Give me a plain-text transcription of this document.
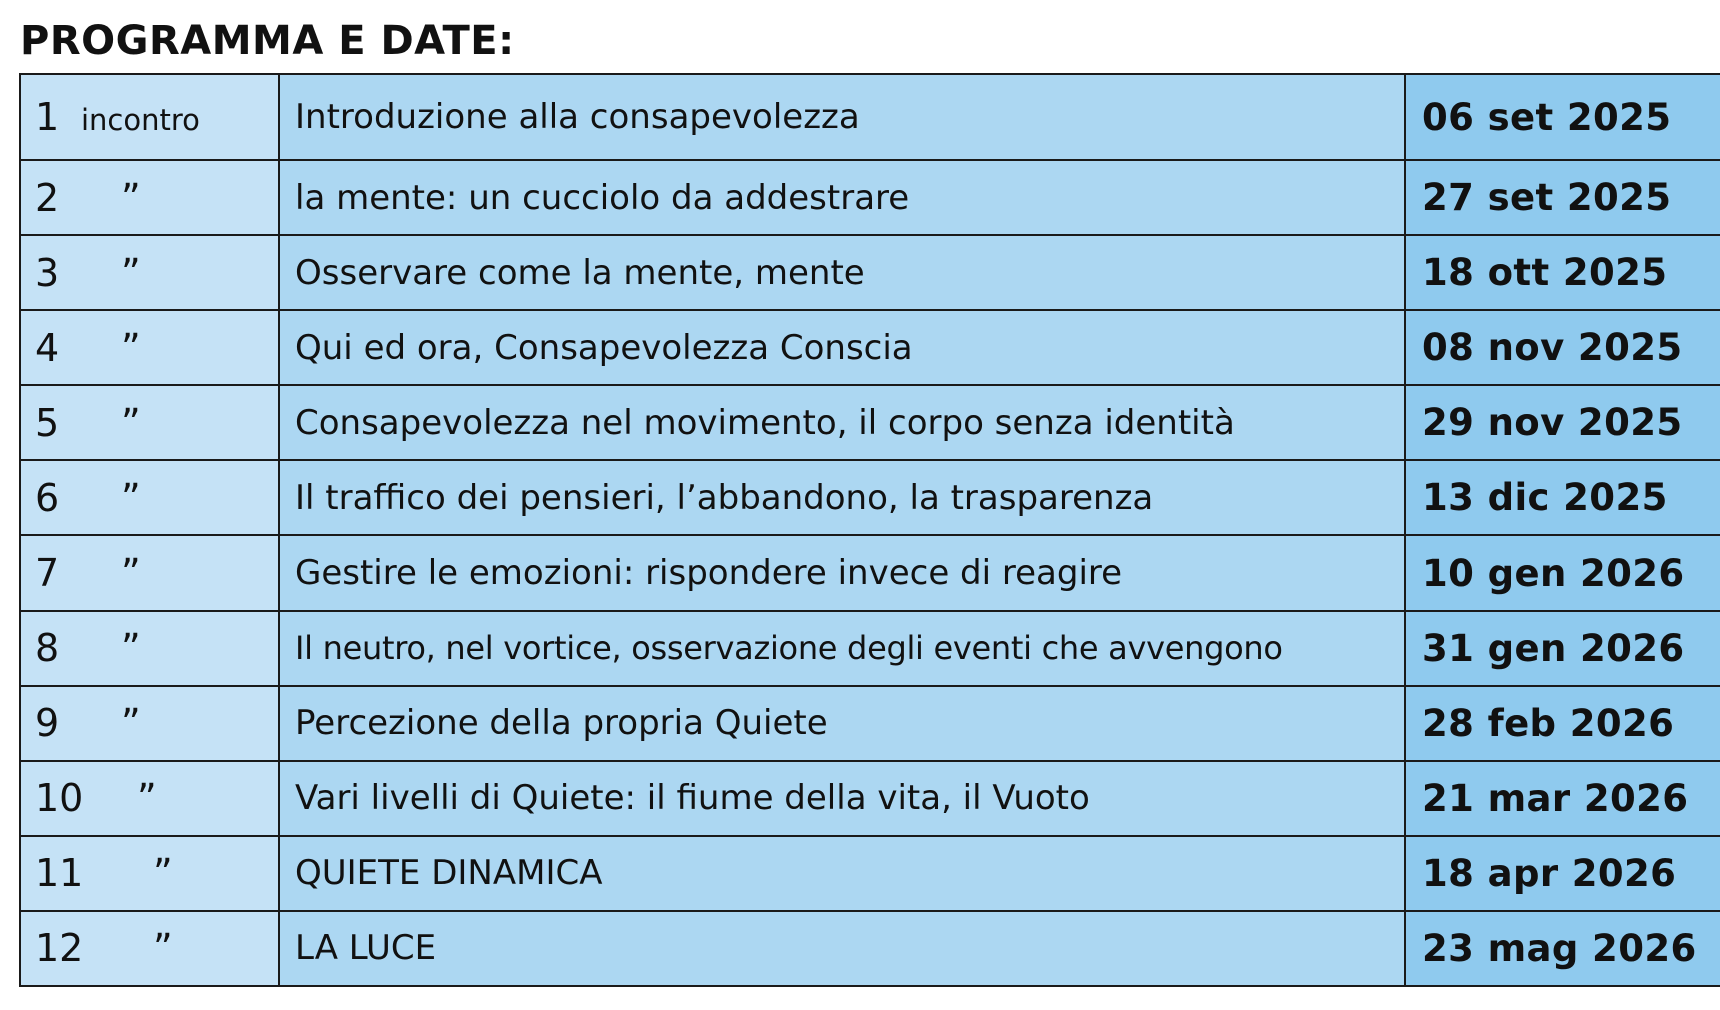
PROGRAMMA E DATE:
1 incontro	Introduzione alla consapevolezza	06 set 2025
2 ”	la mente: un cucciolo da addestrare	27 set 2025
3 ”	Osservare come la mente, mente	18 ott 2025
4 ”	Qui ed ora, Consapevolezza Conscia	08 nov 2025
5 ”	Consapevolezza nel movimento, il corpo senza identità	29 nov 2025
6 ”	Il traffico dei pensieri, l’abbandono, la trasparenza	13 dic 2025
7 ”	Gestire le emozioni: rispondere invece di reagire	10 gen 2026
8 ”	Il neutro, nel vortice, osservazione degli eventi che avvengono	31 gen 2026
9 ”	Percezione della propria Quiete	28 feb 2026
10 ”	Vari livelli di Quiete: il fiume della vita, il Vuoto	21 mar 2026
11 ”	QUIETE DINAMICA	18 apr 2026
12 ”	LA LUCE	23 mag 2026
